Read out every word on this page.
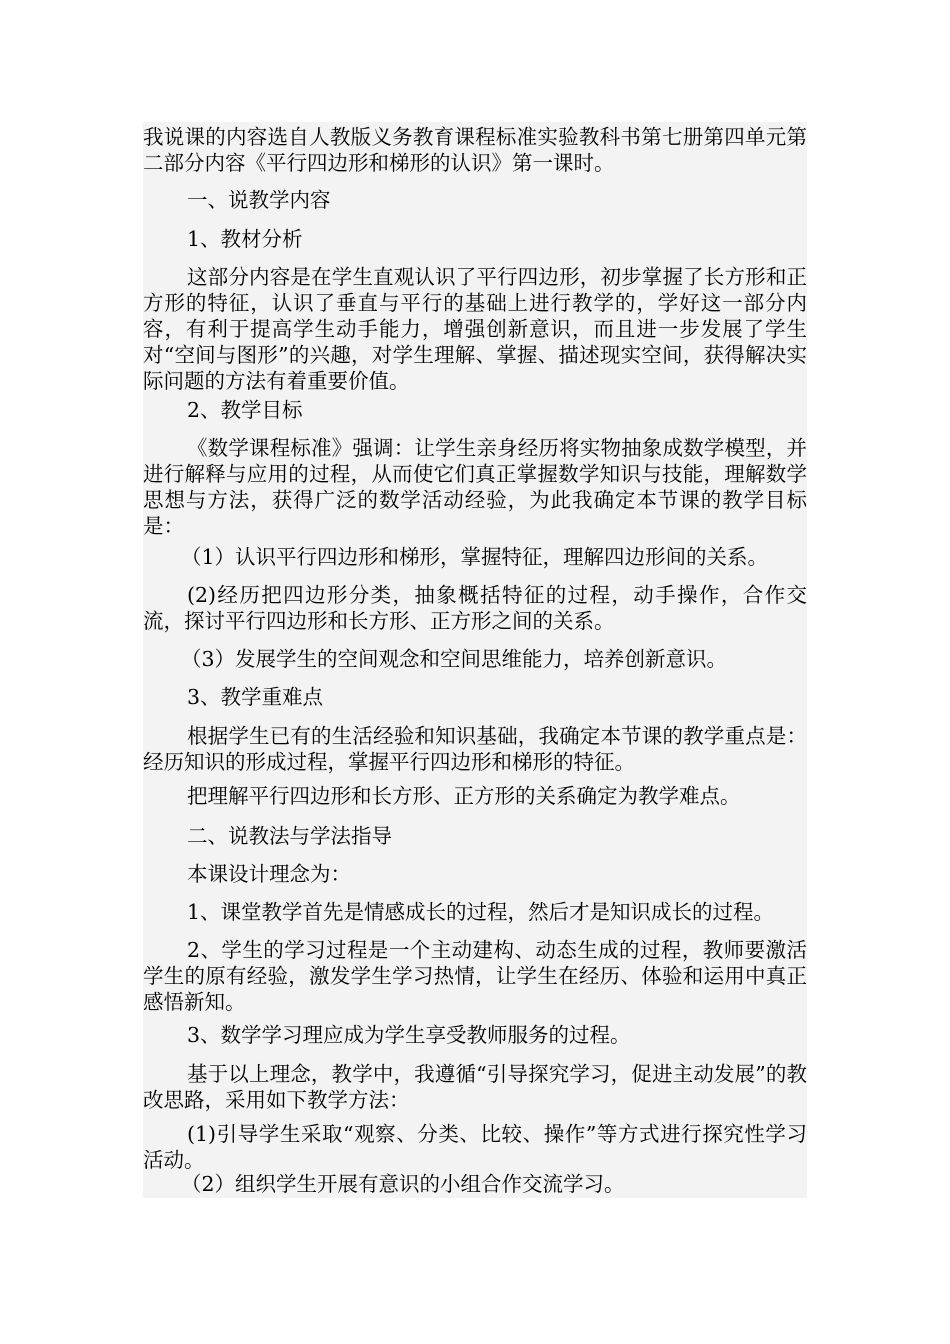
我说课的内容选自人教版义务教育课程标准实验教科书第七册第四单元第二部分内容《平行四边形和梯形的认识》第一课时。

一、说教学内容

1、教材分析

这部分内容是在学生直观认识了平行四边形，初步掌握了长方形和正方形的特征，认识了垂直与平行的基础上进行教学的，学好这一部分内容，有利于提高学生动手能力，增强创新意识，而且进一步发展了学生对“空间与图形”的兴趣，对学生理解、掌握、描述现实空间，获得解决实际问题的方法有着重要价值。

2、教学目标

《数学课程标准》强调：让学生亲身经历将实物抽象成数学模型，并进行解释与应用的过程，从而使它们真正掌握数学知识与技能，理解数学思想与方法，获得广泛的数学活动经验，为此我确定本节课的教学目标是：

（1）认识平行四边形和梯形，掌握特征，理解四边形间的关系。

(2)经历把四边形分类，抽象概括特征的过程，动手操作，合作交流，探讨平行四边形和长方形、正方形之间的关系。

（3）发展学生的空间观念和空间思维能力，培养创新意识。

3、教学重难点

根据学生已有的生活经验和知识基础，我确定本节课的教学重点是：经历知识的形成过程，掌握平行四边形和梯形的特征。

把理解平行四边形和长方形、正方形的关系确定为教学难点。

二、说教法与学法指导

本课设计理念为：

1、课堂教学首先是情感成长的过程，然后才是知识成长的过程。

2、学生的学习过程是一个主动建构、动态生成的过程，教师要激活学生的原有经验，激发学生学习热情，让学生在经历、体验和运用中真正感悟新知。

3、数学学习理应成为学生享受教师服务的过程。

基于以上理念，教学中，我遵循“引导探究学习，促进主动发展”的教改思路，采用如下教学方法：

(1)引导学生采取“观察、分类、比较、操作”等方式进行探究性学习活动。

（2）组织学生开展有意识的小组合作交流学习。
